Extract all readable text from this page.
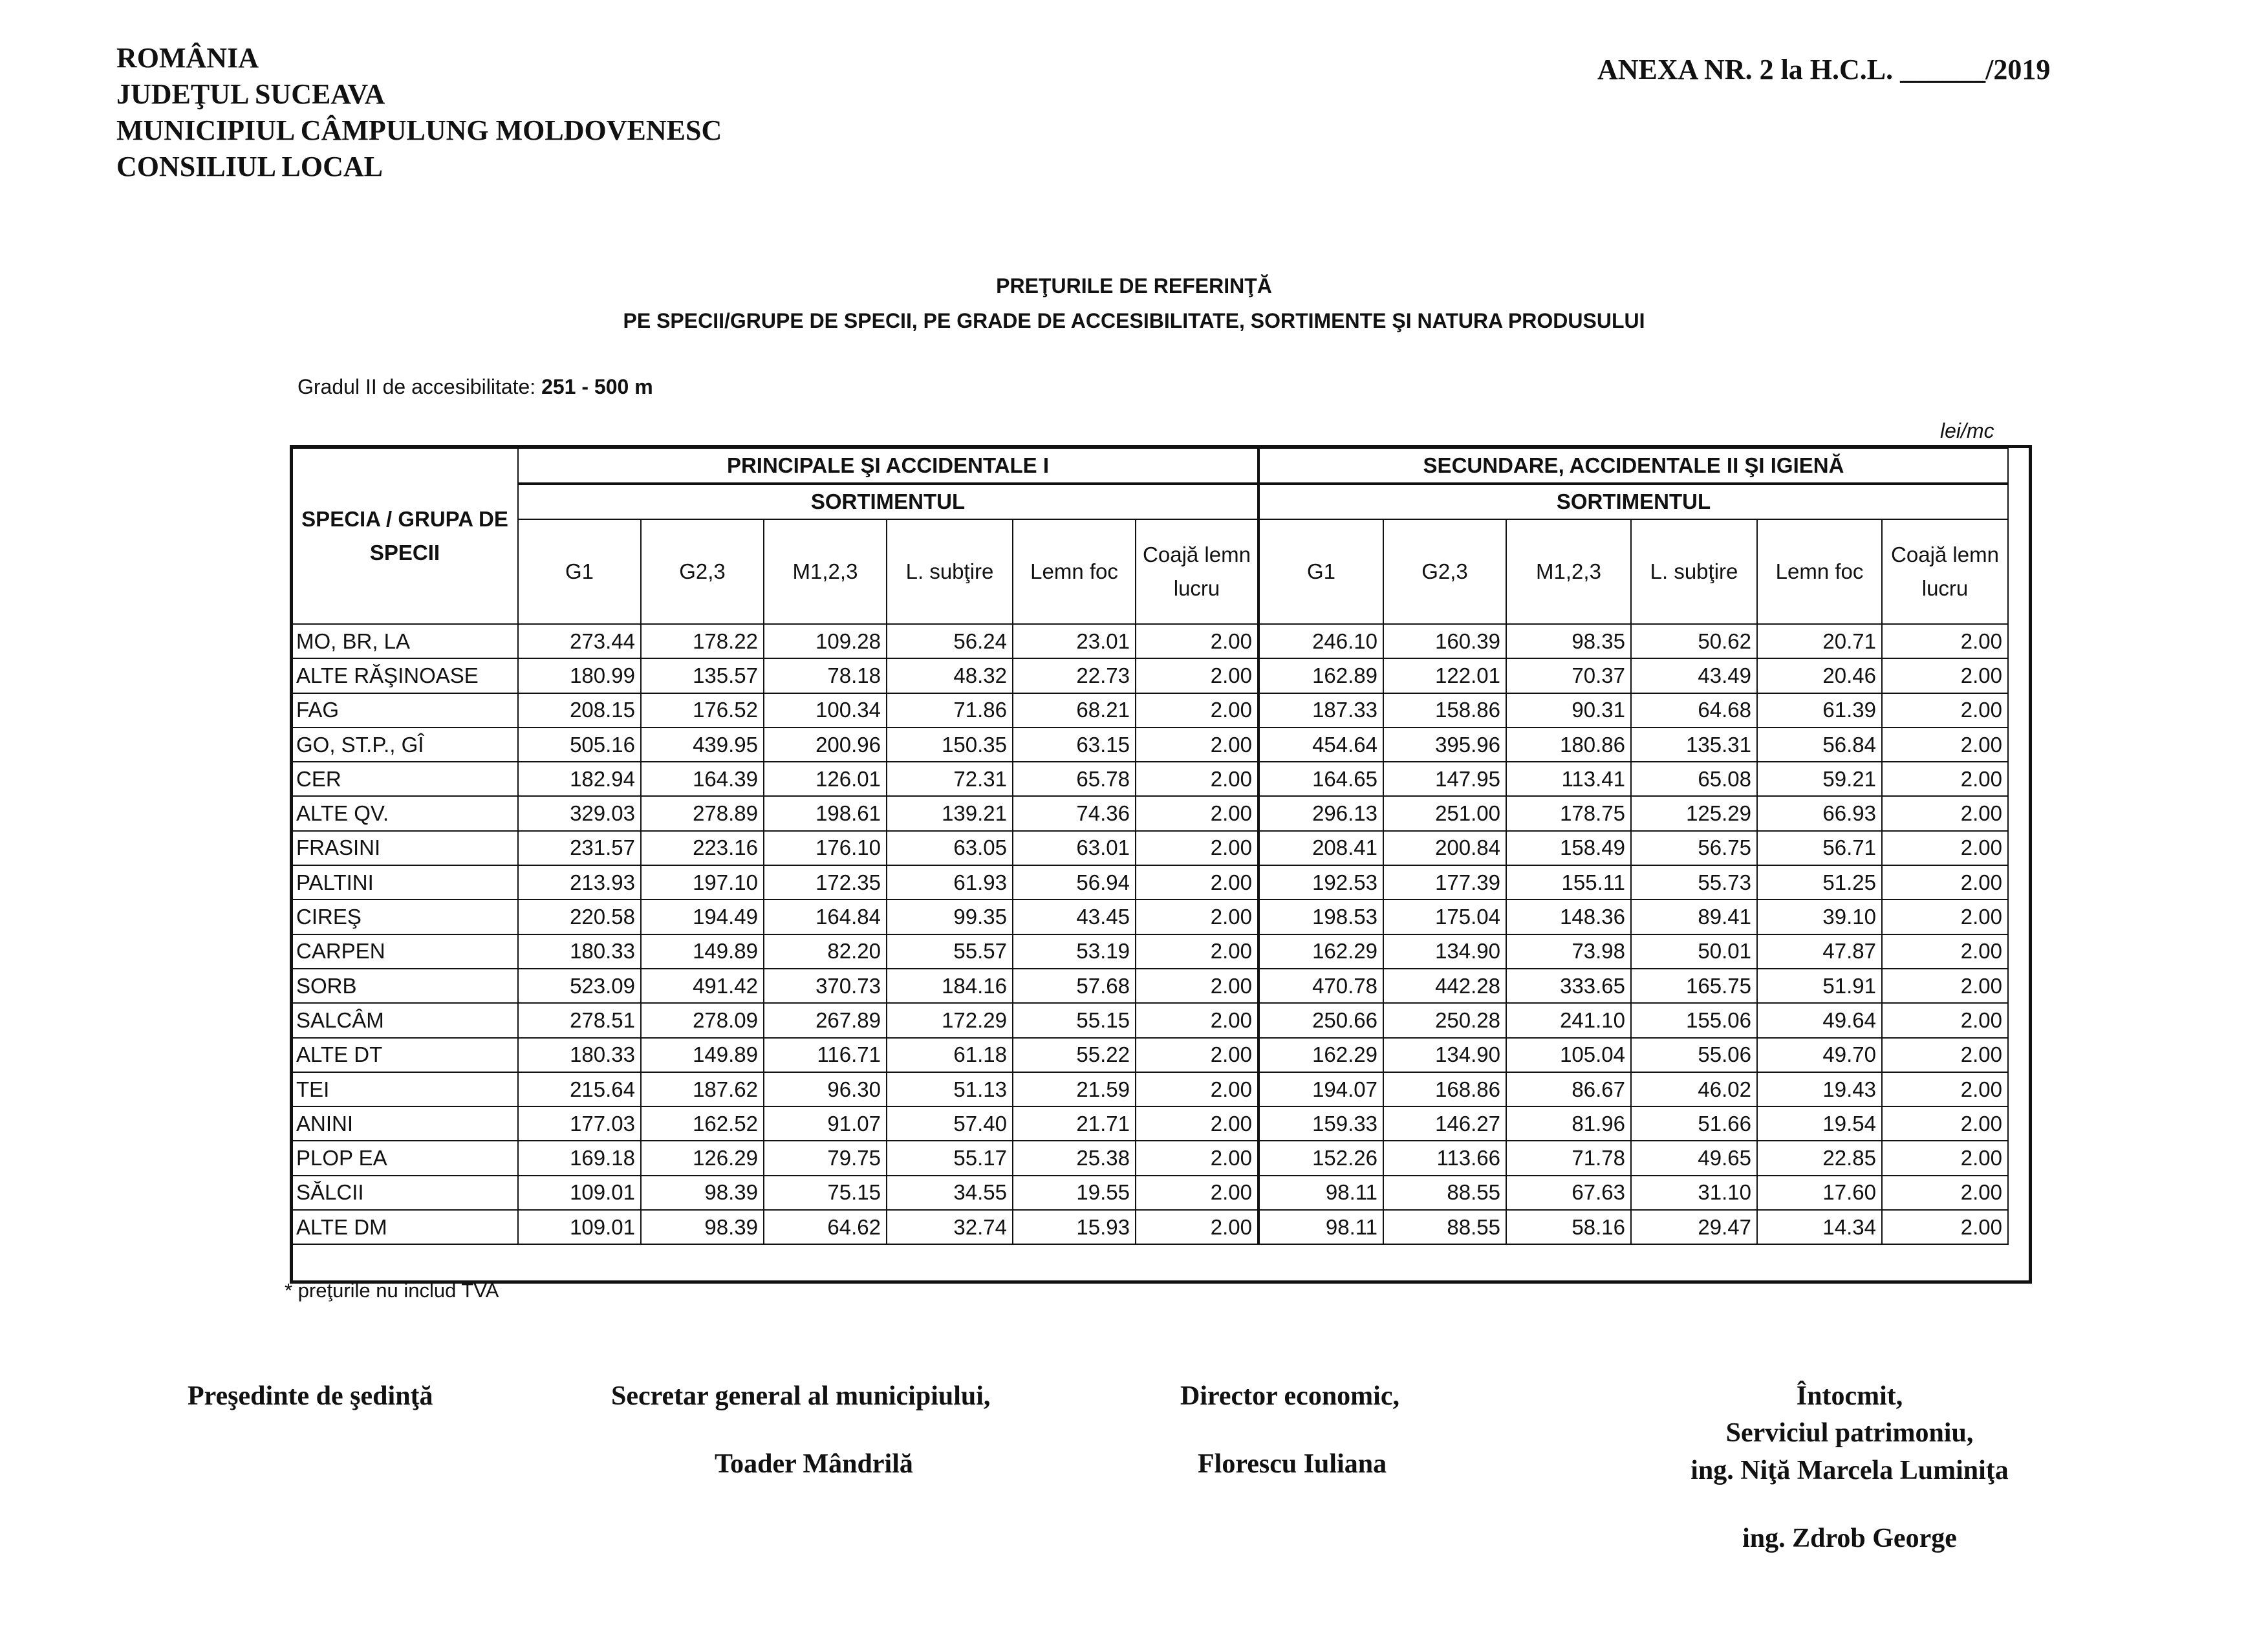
ROMÂNIA
JUDEŢUL SUCEAVA
MUNICIPIUL CÂMPULUNG MOLDOVENESC
CONSILIUL LOCAL
ANEXA NR. 2 la H.C.L. ______/2019
PREŢURILE DE REFERINŢĂ
PE SPECII/GRUPE DE SPECII, PE GRADE DE ACCESIBILITATE, SORTIMENTE ŞI NATURA PRODUSULUI
Gradul II de accesibilitate: 251 - 500 m
lei/mc
SPECIA / GRUPA DE SPECII	PRINCIPALE ŞI ACCIDENTALE I						SECUNDARE, ACCIDENTALE II ŞI IGIENĂ					
	SORTIMENTUL						SORTIMENTUL					
	G1	G2,3	M1,2,3	L. subţire	Lemn foc	Coajă lemn lucru	G1	G2,3	M1,2,3	L. subţire	Lemn foc	Coajă lemn lucru
MO, BR, LA	273.44	178.22	109.28	56.24	23.01	2.00	246.10	160.39	98.35	50.62	20.71	2.00
ALTE RĂŞINOASE	180.99	135.57	78.18	48.32	22.73	2.00	162.89	122.01	70.37	43.49	20.46	2.00
FAG	208.15	176.52	100.34	71.86	68.21	2.00	187.33	158.86	90.31	64.68	61.39	2.00
GO, ST.P., GÎ	505.16	439.95	200.96	150.35	63.15	2.00	454.64	395.96	180.86	135.31	56.84	2.00
CER	182.94	164.39	126.01	72.31	65.78	2.00	164.65	147.95	113.41	65.08	59.21	2.00
ALTE QV.	329.03	278.89	198.61	139.21	74.36	2.00	296.13	251.00	178.75	125.29	66.93	2.00
FRASINI	231.57	223.16	176.10	63.05	63.01	2.00	208.41	200.84	158.49	56.75	56.71	2.00
PALTINI	213.93	197.10	172.35	61.93	56.94	2.00	192.53	177.39	155.11	55.73	51.25	2.00
CIREŞ	220.58	194.49	164.84	99.35	43.45	2.00	198.53	175.04	148.36	89.41	39.10	2.00
CARPEN	180.33	149.89	82.20	55.57	53.19	2.00	162.29	134.90	73.98	50.01	47.87	2.00
SORB	523.09	491.42	370.73	184.16	57.68	2.00	470.78	442.28	333.65	165.75	51.91	2.00
SALCÂM	278.51	278.09	267.89	172.29	55.15	2.00	250.66	250.28	241.10	155.06	49.64	2.00
ALTE DT	180.33	149.89	116.71	61.18	55.22	2.00	162.29	134.90	105.04	55.06	49.70	2.00
TEI	215.64	187.62	96.30	51.13	21.59	2.00	194.07	168.86	86.67	46.02	19.43	2.00
ANINI	177.03	162.52	91.07	57.40	21.71	2.00	159.33	146.27	81.96	51.66	19.54	2.00
PLOP EA	169.18	126.29	79.75	55.17	25.38	2.00	152.26	113.66	71.78	49.65	22.85	2.00
SĂLCII	109.01	98.39	75.15	34.55	19.55	2.00	98.11	88.55	67.63	31.10	17.60	2.00
ALTE DM	109.01	98.39	64.62	32.74	15.93	2.00	98.11	88.55	58.16	29.47	14.34	2.00
* preţurile nu includ TVA
Preşedinte de şedinţă	Secretar general al municipiului,
Toader Mândrilă
Director economic,
Florescu Iuliana
Întocmit,
Serviciul patrimoniu,
ing. Niţă Marcela Luminiţa
ing. Zdrob George
